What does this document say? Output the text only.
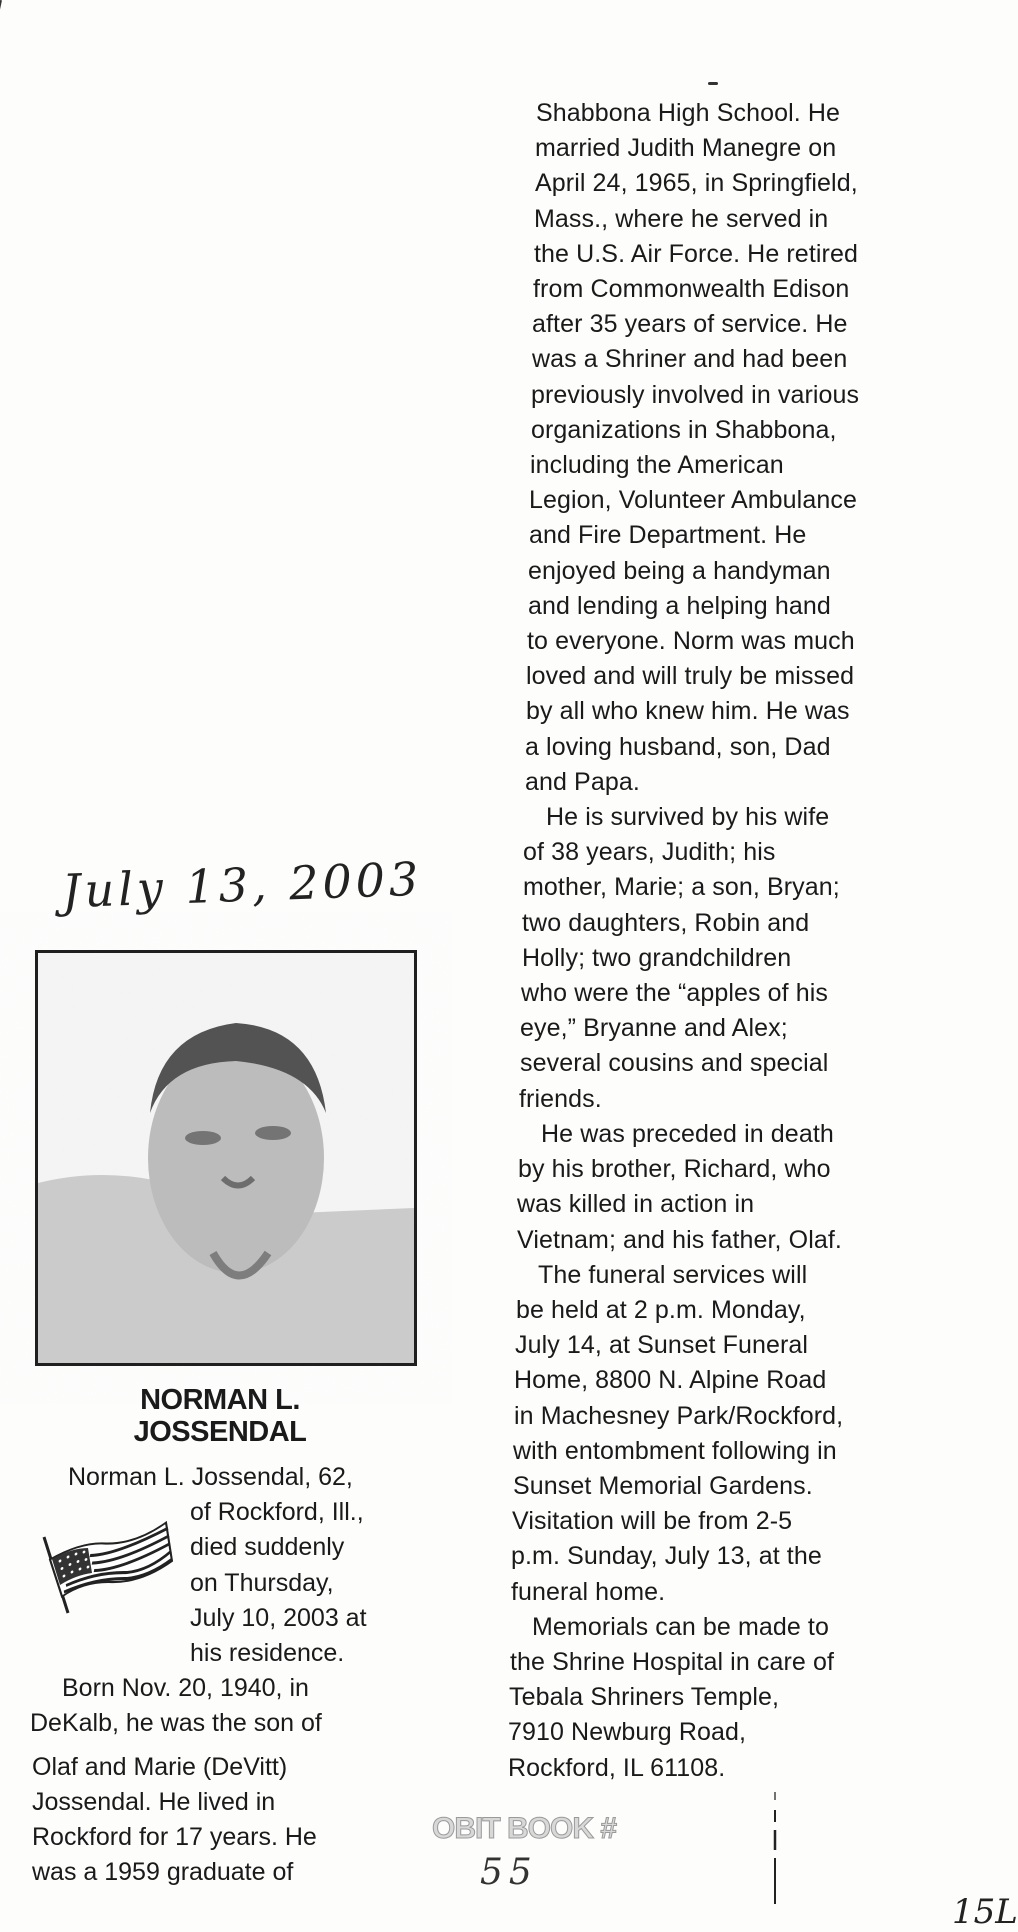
Shabbona High School. He
married Judith Manegre on
April 24, 1965, in Springfield,
Mass., where he served in
the U.S. Air Force. He retired
from Commonwealth Edison
after 35 years of service. He
was a Shriner and had been
previously involved in various
organizations in Shabbona,
including the American
Legion, Volunteer Ambulance
and Fire Department. He
enjoyed being a handyman
and lending a helping hand
to everyone. Norm was much
loved and will truly be missed
by all who knew him. He was
a loving husband, son, Dad
and Papa.
He is survived by his wife
of 38 years, Judith; his
mother, Marie; a son, Bryan;
two daughters, Robin and
Holly; two grandchildren
who were the “apples of his
eye,” Bryanne and Alex;
several cousins and special
friends.
He was preceded in death
by his brother, Richard, who
was killed in action in
Vietnam; and his father, Olaf.
The funeral services will
be held at 2 p.m. Monday,
July 14, at Sunset Funeral
Home, 8800 N. Alpine Road
in Machesney Park/Rockford,
with entombment following in
Sunset Memorial Gardens.
Visitation will be from 2-5
p.m. Sunday, July 13, at the
funeral home.
Memorials can be made to
the Shrine Hospital in care of
Tebala Shriners Temple,
7910 Newburg Road,
Rockford, IL 61108.
July 13, 2003
NORMAN L.
JOSSENDAL
Norman L. Jossendal, 62,
of Rockford, Ill.,
died suddenly
on Thursday,
July 10, 2003 at
his residence.
Born Nov. 20, 1940, in
DeKalb, he was the son of
Olaf and Marie (DeVitt)
Jossendal. He lived in
Rockford for 17 years. He
was a 1959 graduate of
OBIT BOOK #
55
15L
